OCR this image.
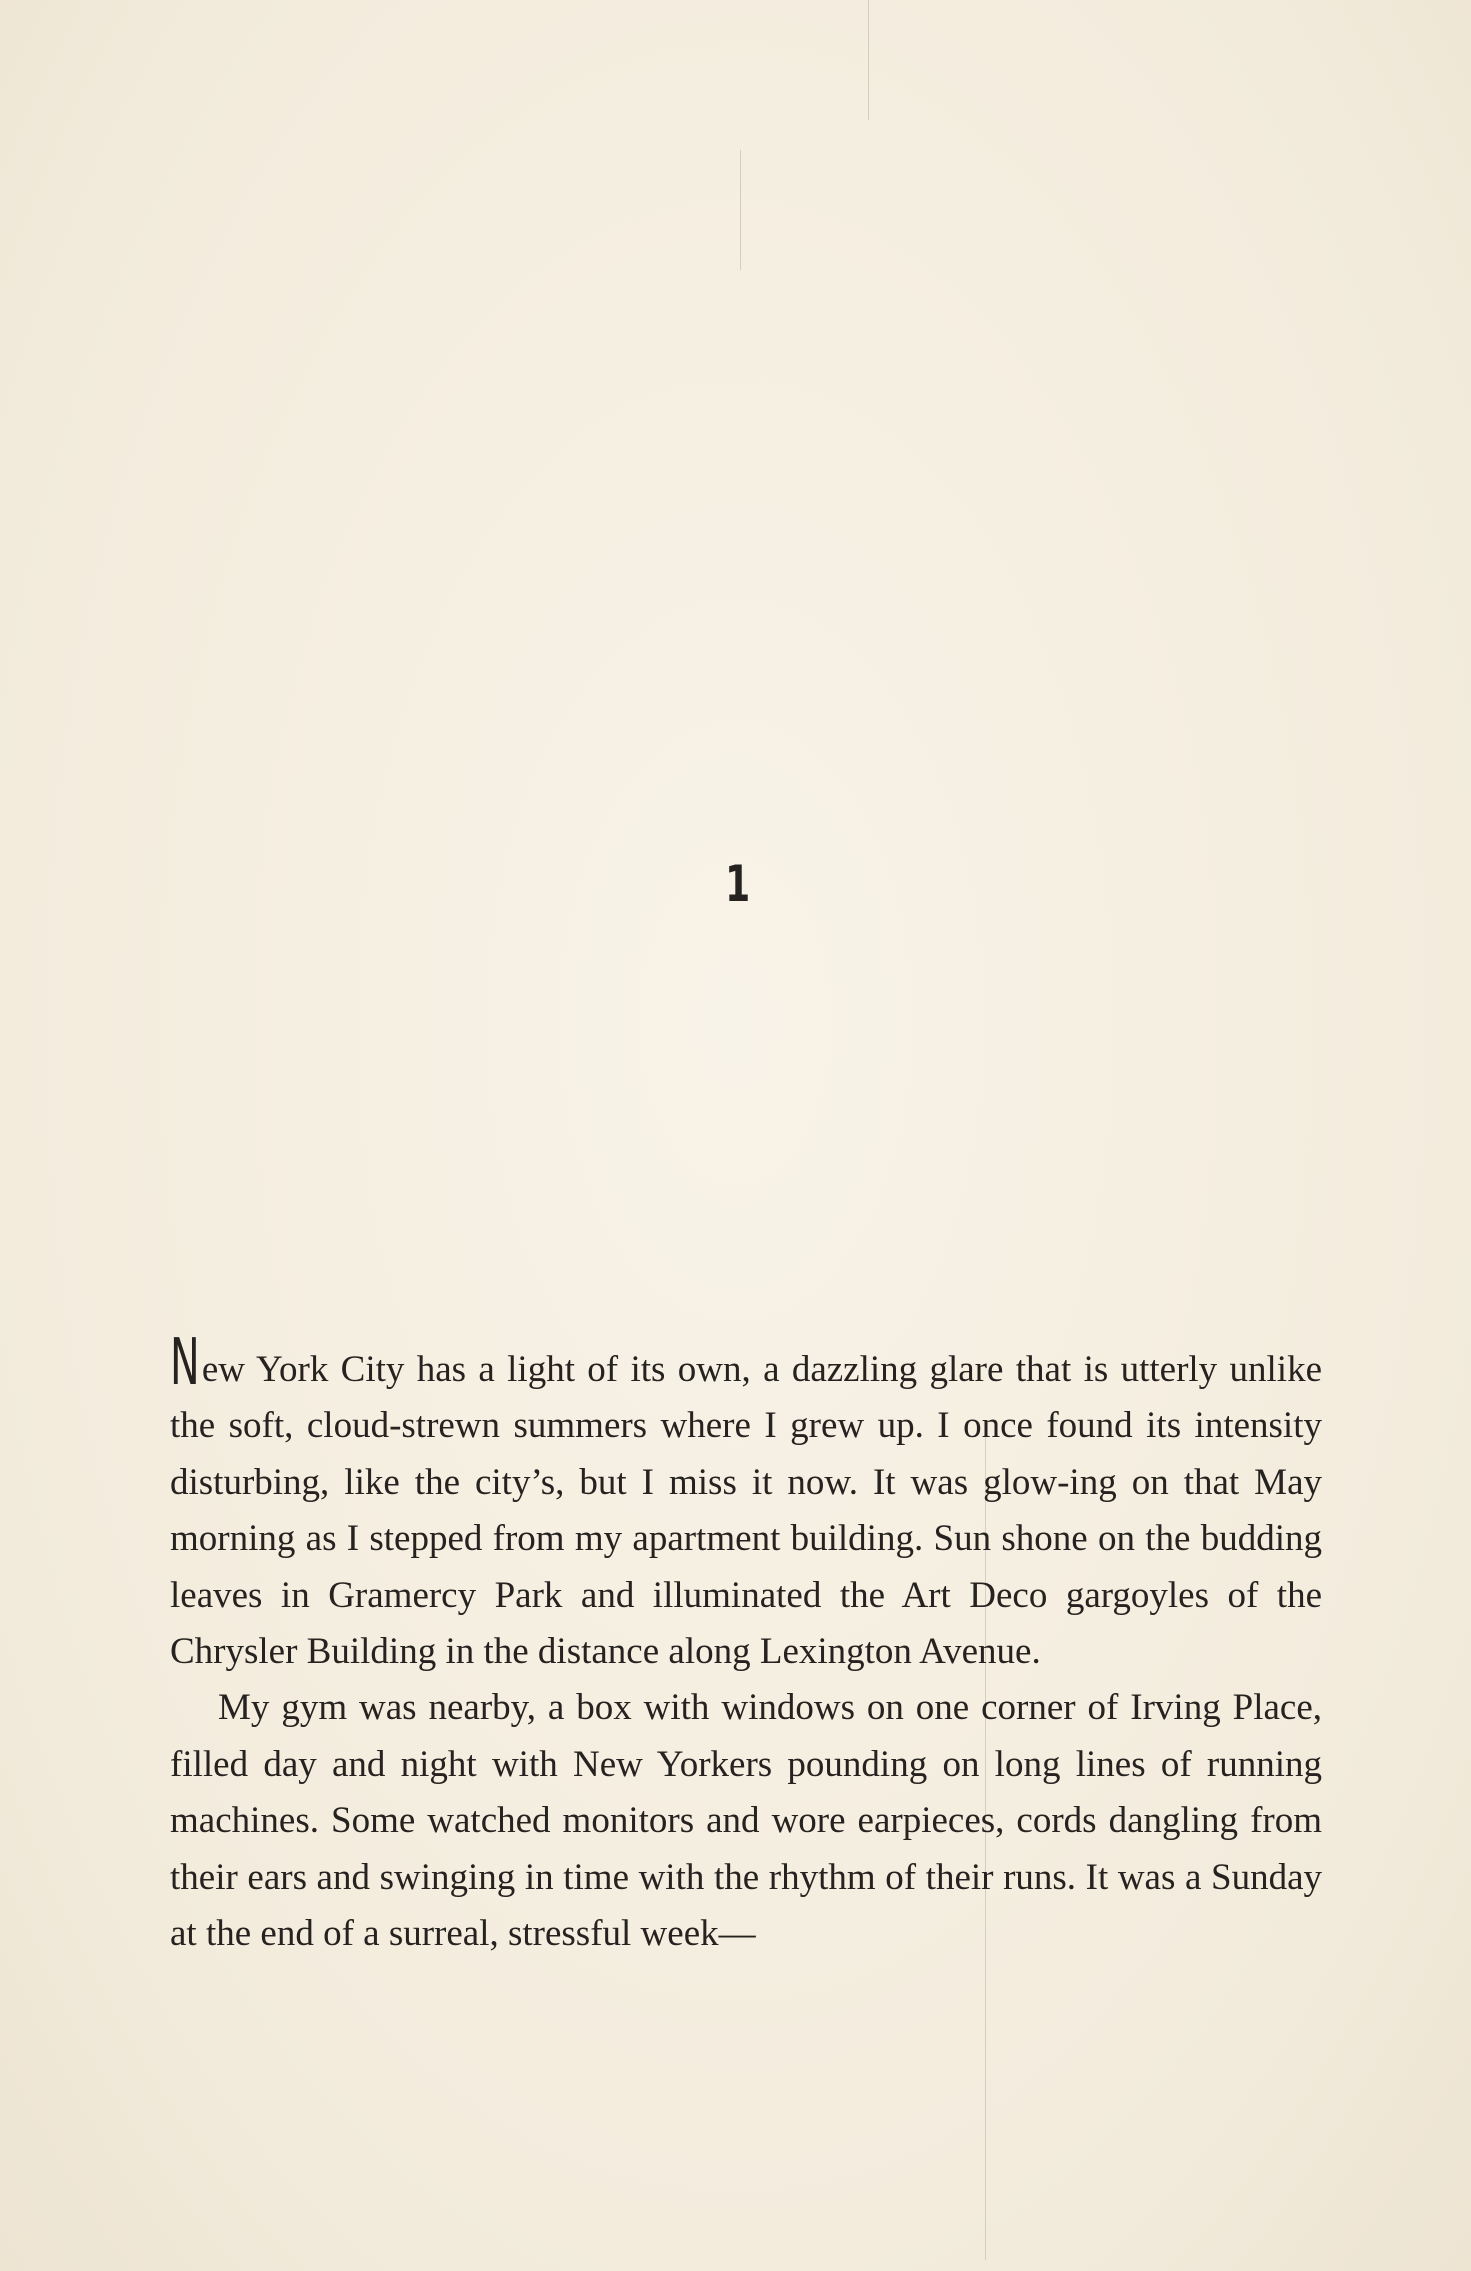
1

New York City has a light of its own, a dazzling glare that is utterly unlike the soft, cloud-strewn summers where I grew up. I once found its intensity disturbing, like the city’s, but I miss it now. It was glow-ing on that May morning as I stepped from my apartment building. Sun shone on the budding leaves in Gramercy Park and illuminated the Art Deco gargoyles of the Chrysler Building in the distance along Lexington Avenue.

My gym was nearby, a box with windows on one corner of Irving Place, filled day and night with New Yorkers pounding on long lines of running machines. Some watched monitors and wore earpieces, cords dangling from their ears and swinging in time with the rhythm of their runs. It was a Sunday at the end of a surreal, stressful week—
